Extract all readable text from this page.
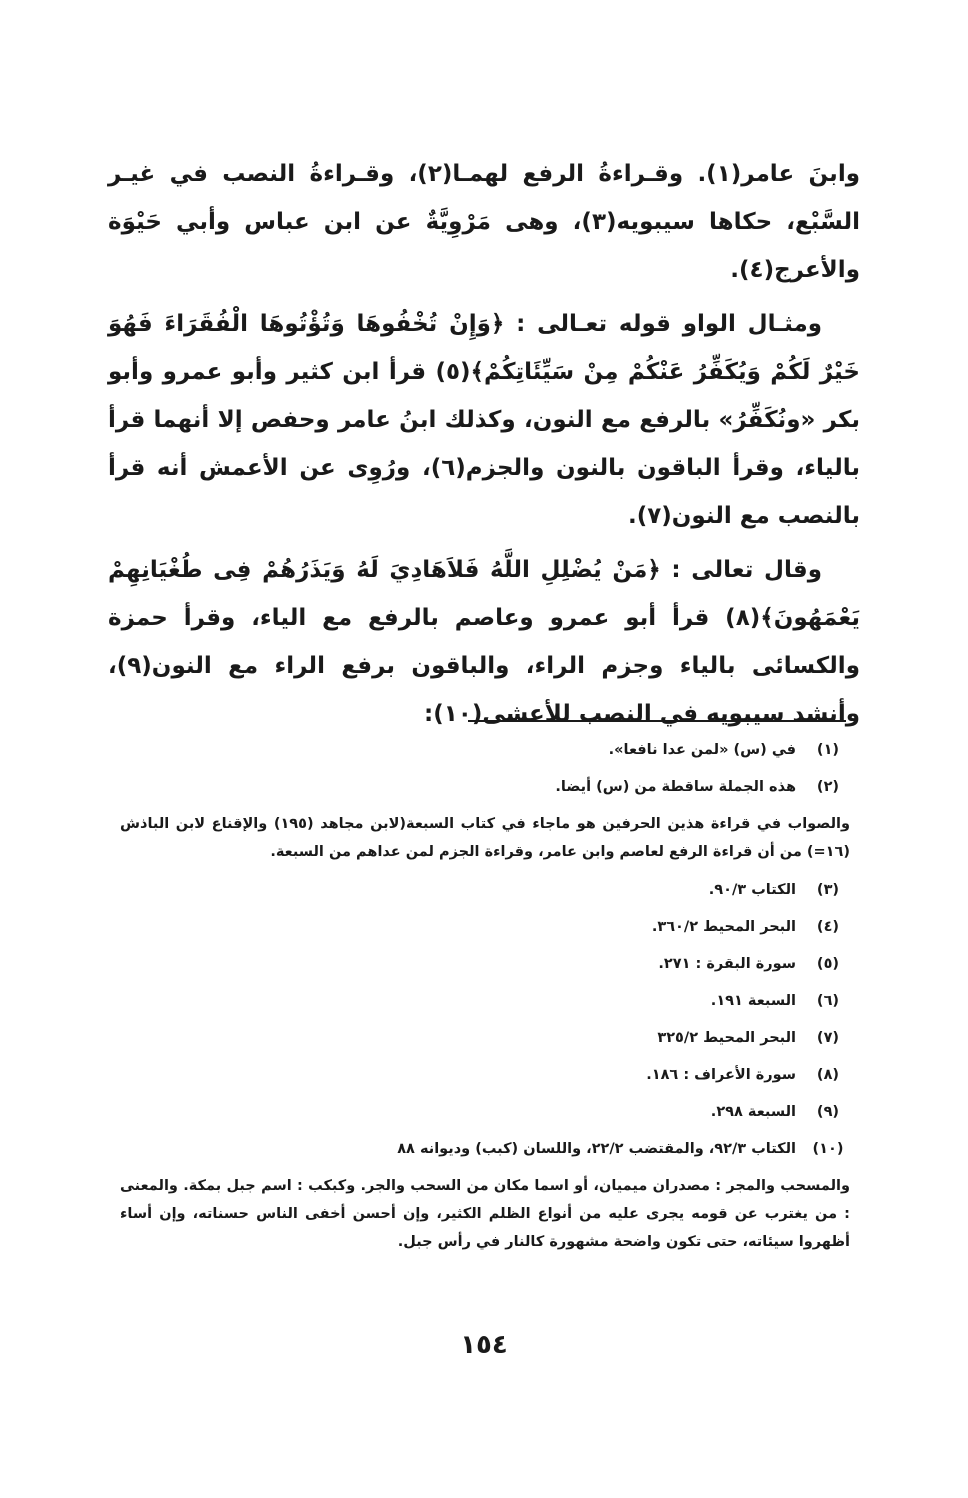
وابنَ عامر(١). وقـراءةُ الرفع لهمـا(٢)، وقـراءةُ النصب في غيـر السَّبْع، حكاها سيبويه(٣)، وهى مَرْوِيَّةٌ عن ابن عباس وأبي حَيْوَة والأعرج(٤).

ومثـال الواو قوله تعـالى : ﴿وَإِنْ تُخْفُوهَا وَتُؤْتُوهَا الْفُقَرَاءَ فَهُوَ خَيْرٌ لَكُمْ وَيُكَفِّرُ عَنْكُمْ مِنْ سَيِّئَاتِكُمْ﴾(٥) قرأ ابن كثير وأبو عمرو وأبو بكر «ونُكَفِّرُ» بالرفع مع النون، وكذلك ابنُ عامر وحفص إلا أنهما قرأ بالياء، وقرأ الباقون بالنون والجزم(٦)، ورُوِى عن الأعمش أنه قرأ بالنصب مع النون(٧).

وقال تعالى : ﴿مَنْ يُضْلِلِ اللَّهُ فَلاَهَادِيَ لَهُ وَيَذَرُهُمْ فِى طُغْيَانِهِمْ يَعْمَهُونَ﴾(٨) قرأ أبو عمرو وعاصم بالرفع مع الياء، وقرأ حمزة والكسائى بالياء وجزم الراء، والباقون برفع الراء مع النون(٩)، وأنشد سيبويه في النصب للأعشى(١٠):

(١)
في (س) «لمن عدا نافعا».
(٢)
هذه الجملة ساقطة من (س) أيضا.

والصواب في قراءة هذين الحرفين هو ماجاء في كتاب السبعة(لابن مجاهد (١٩٥) والإقناع لابن الباذش (١٦=) من أن قراءة الرفع لعاصم وابن عامر، وقراءة الجزم لمن عداهم من السبعة.

(٣)
الكتاب ٩٠/٣.
(٤)
البحر المحيط ٣٦٠/٢.
(٥)
سورة البقرة : ٢٧١.
(٦)
السبعة ١٩١.
(٧)
البحر المحيط ٣٢٥/٢
(٨)
سورة الأعراف : ١٨٦.
(٩)
السبعة ٢٩٨.
(١٠)
الكتاب ٩٢/٣، والمقتضب ٢٢/٢، واللسان (كبب) وديوانه ٨٨

والمسحب والمجر : مصدران ميميان، أو اسما مكان من السحب والجر. وكبكب : اسم جبل بمكة. والمعنى : من يغترب عن قومه يجرى عليه من أنواع الظلم الكثير، وإن أحسن أخفى الناس حسناته، وإن أساء أظهروا سيئاته، حتى تكون واضحة مشهورة كالنار في رأس جبل.

١٥٤
